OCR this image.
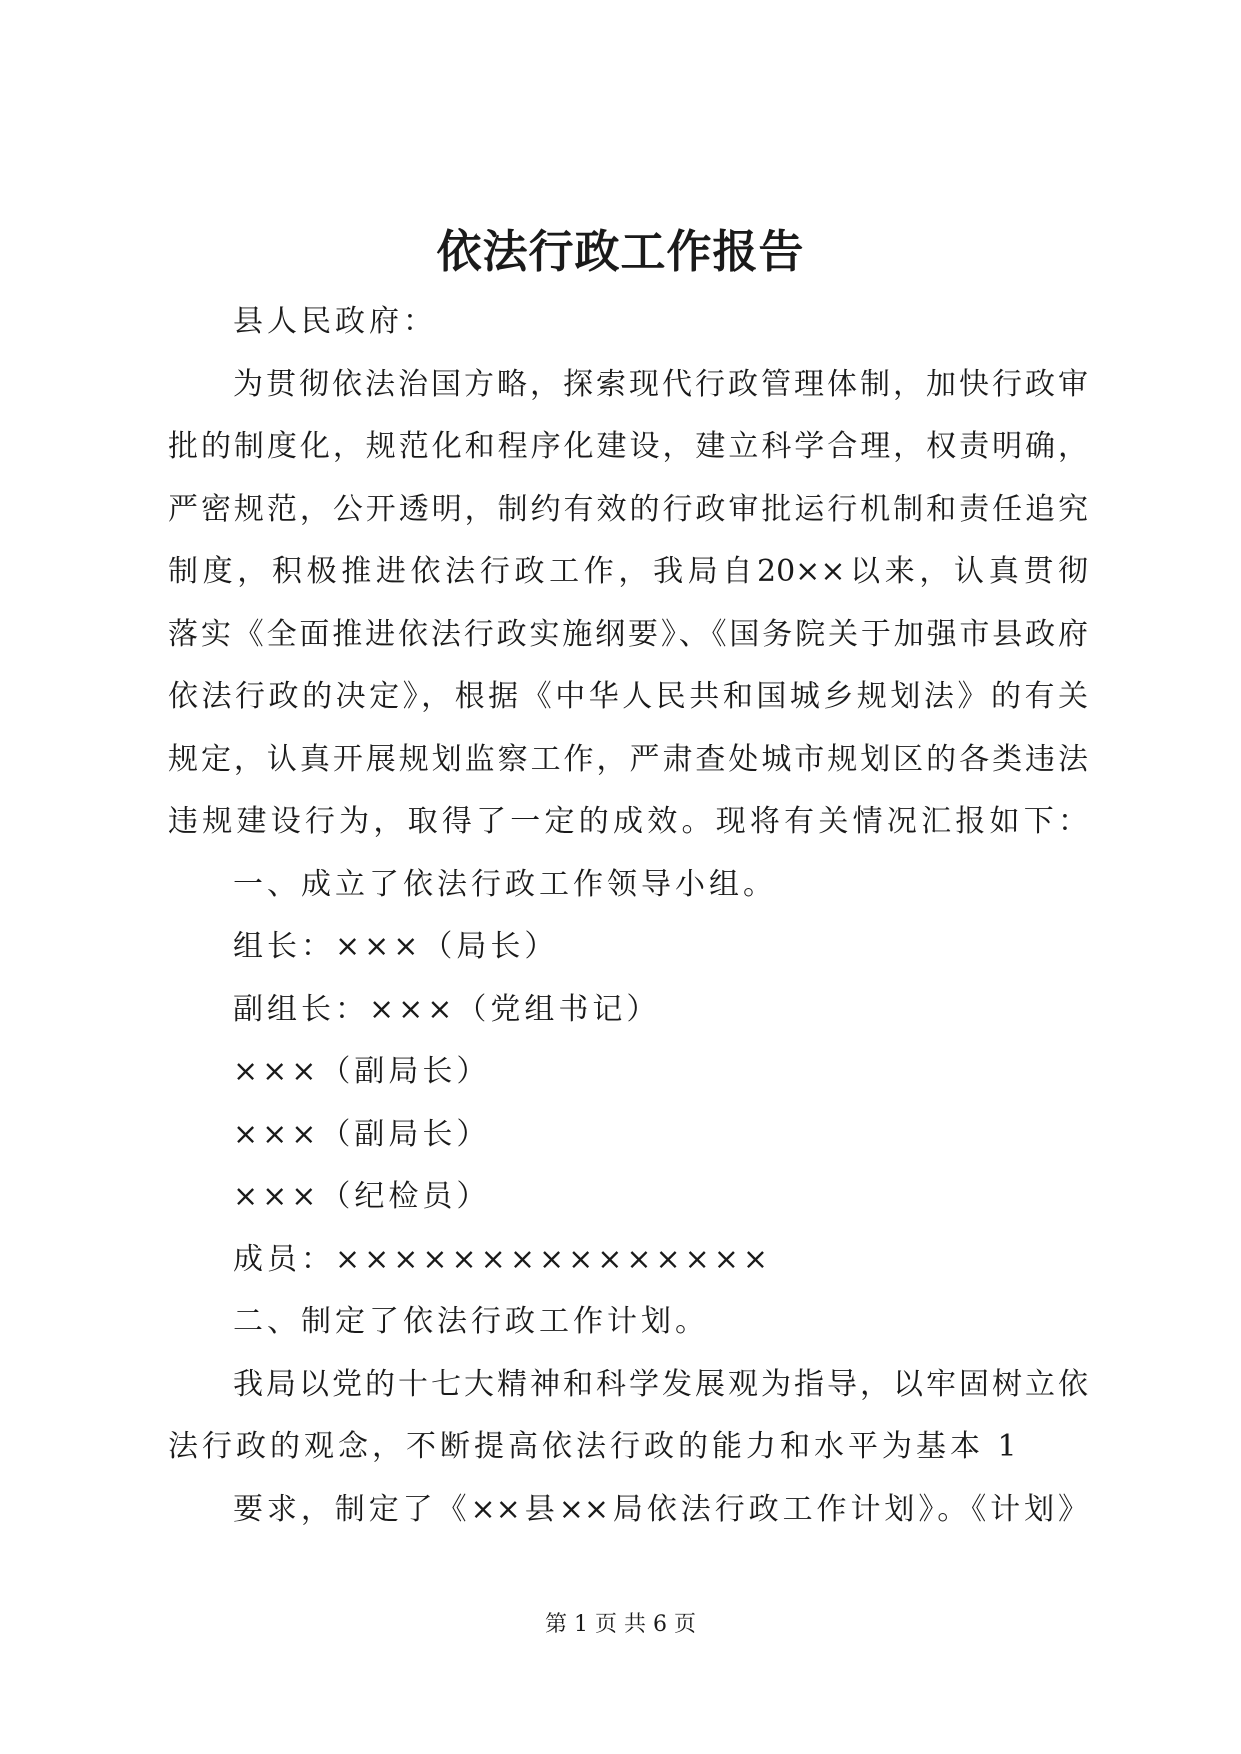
依法行政工作报告
县人民政府：
为贯彻依法治国方略，探索现代行政管理体制，加快行政审
批的制度化，规范化和程序化建设，建立科学合理，权责明确，
严密规范，公开透明，制约有效的行政审批运行机制和责任追究
制度，积极推进依法行政工作，我局自20××以来，认真贯彻
落实《全面推进依法行政实施纲要》、《国务院关于加强市县政府
依法行政的决定》，根据《中华人民共和国城乡规划法》的有关
规定，认真开展规划监察工作，严肃查处城市规划区的各类违法
违规建设行为，取得了一定的成效。现将有关情况汇报如下：
一、成立了依法行政工作领导小组。
组长：×××（局长）
副组长：×××（党组书记）
×××（副局长）
×××（副局长）
×××（纪检员）
成员：×××××××××××××××
二、制定了依法行政工作计划。
我局以党的十七大精神和科学发展观为指导，以牢固树立依
法行政的观念，不断提高依法行政的能力和水平为基本 1
要求，制定了《××县××局依法行政工作计划》。《计划》
第 1 页 共 6 页
